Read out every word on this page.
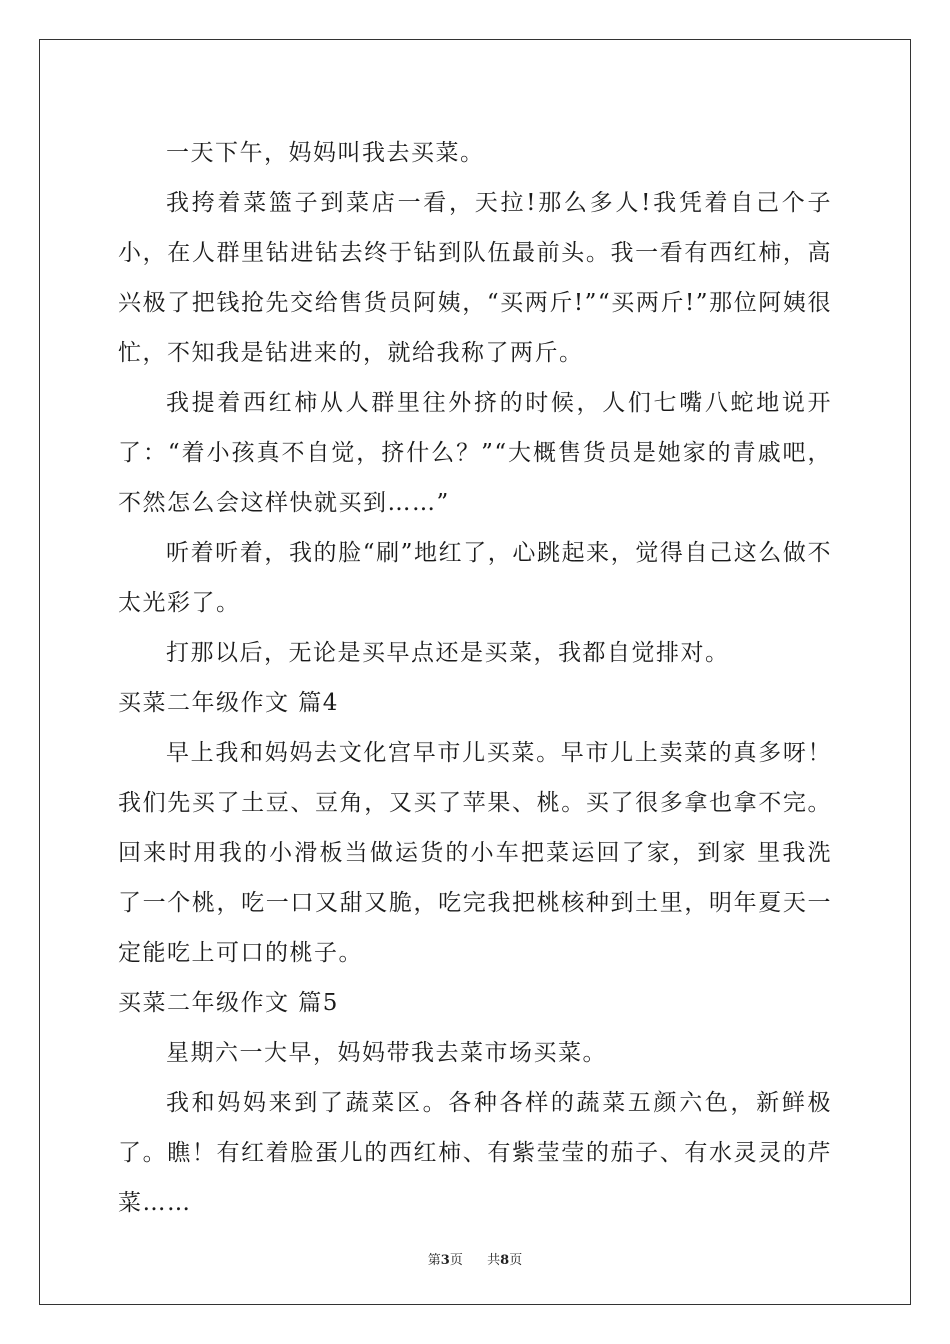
一天下午，妈妈叫我去买菜。

我挎着菜篮子到菜店一看，天拉!那么多人!我凭着自己个子小，在人群里钻进钻去终于钻到队伍最前头。我一看有西红柿，高兴极了把钱抢先交给售货员阿姨，“买两斤!”“买两斤!”那位阿姨很忙，不知我是钻进来的，就给我称了两斤。

我提着西红柿从人群里往外挤的时候，人们七嘴八蛇地说开了：“着小孩真不自觉，挤什么？”“大概售货员是她家的青戚吧，不然怎么会这样快就买到……”

听着听着，我的脸“刷”地红了，心跳起来，觉得自己这么做不太光彩了。

打那以后，无论是买早点还是买菜，我都自觉排对。

买菜二年级作文 篇4

早上我和妈妈去文化宫早市儿买菜。早市儿上卖菜的真多呀！我们先买了土豆、豆角，又买了苹果、桃。买了很多拿也拿不完。回来时用我的小滑板当做运货的小车把菜运回了家，到家 里我洗了一个桃，吃一口又甜又脆，吃完我把桃核种到土里，明年夏天一定能吃上可口的桃子。

买菜二年级作文 篇5

星期六一大早，妈妈带我去菜市场买菜。

我和妈妈来到了蔬菜区。各种各样的蔬菜五颜六色，新鲜极了。瞧！有红着脸蛋儿的西红柿、有紫莹莹的茄子、有水灵灵的芹菜……

第3页 共8页
